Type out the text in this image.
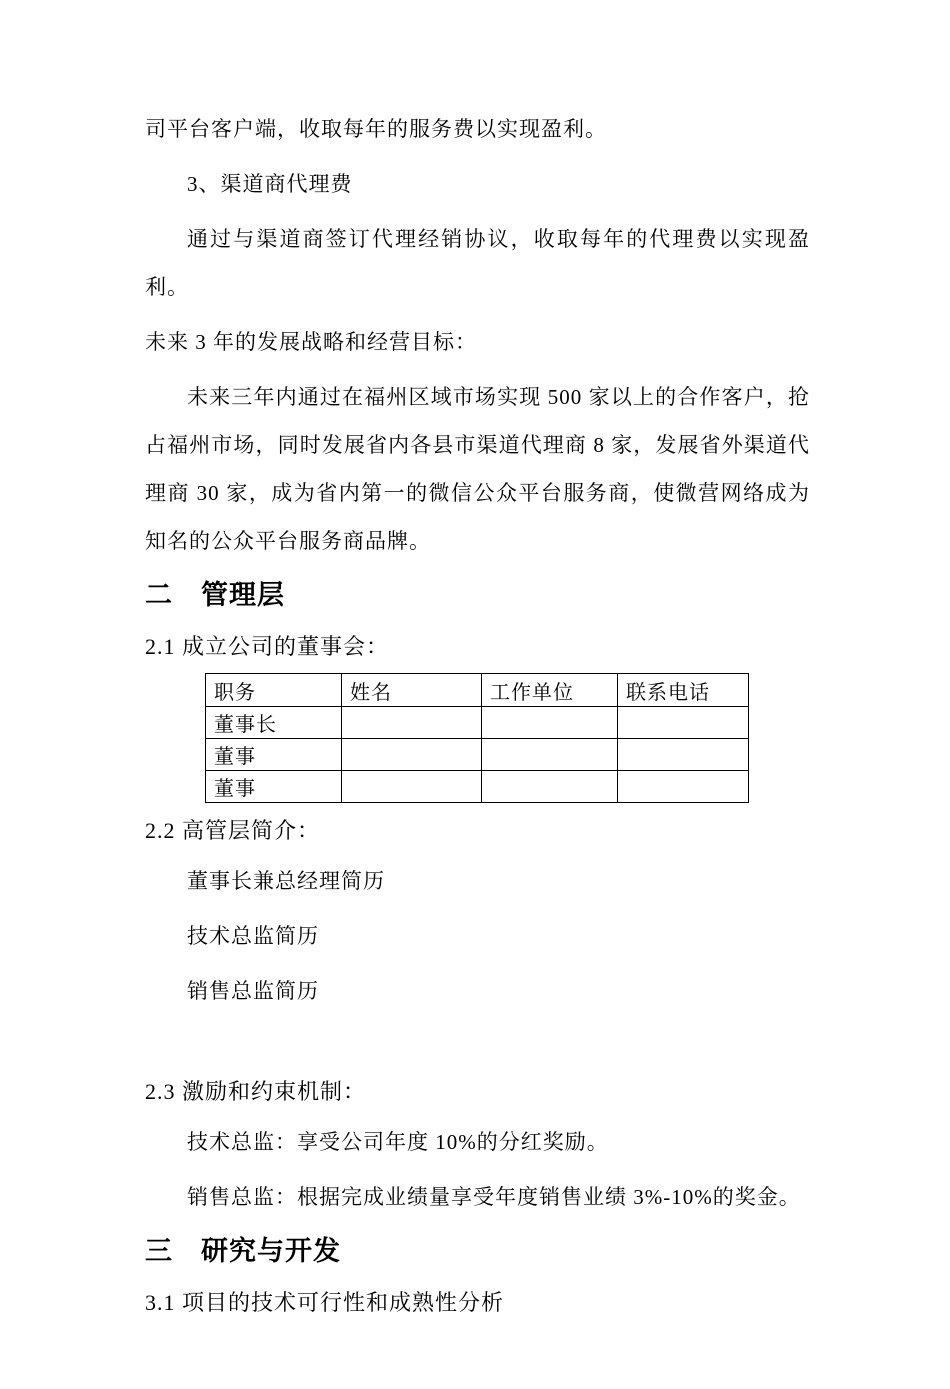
司平台客户端，收取每年的服务费以实现盈利。

3、渠道商代理费

通过与渠道商签订代理经销协议，收取每年的代理费以实现盈利。

未来 3 年的发展战略和经营目标：

未来三年内通过在福州区域市场实现 500 家以上的合作客户，抢占福州市场，同时发展省内各县市渠道代理商 8 家，发展省外渠道代理商 30 家，成为省内第一的微信公众平台服务商，使微营网络成为知名的公众平台服务商品牌。

二　管理层

2.1 成立公司的董事会：

职务	姓名	工作单位	联系电话
董事长			
董事			
董事			

2.2 高管层简介：

董事长兼总经理简历

技术总监简历

销售总监简历

2.3 激励和约束机制：

技术总监：享受公司年度 10%的分红奖励。

销售总监：根据完成业绩量享受年度销售业绩 3%-10%的奖金。

三　研究与开发

3.1 项目的技术可行性和成熟性分析
